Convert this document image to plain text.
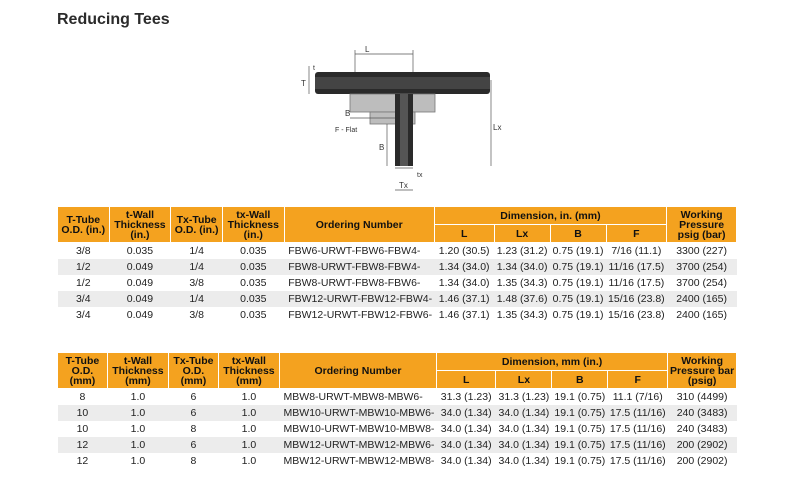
Reducing Tees
L
t
T
B
F - Flat
B
Lx
tx
Tx
T-Tube O.D. (in.)	t-Wall Thickness (in.)	Tx-Tube O.D. (in.)	tx-Wall Thickness (in.)	Ordering Number	Dimension, in. (mm)				Working Pressure psig (bar)
					L	Lx	B	F	
3/8	0.035	1/4	0.035	FBW6-URWT-FBW6-FBW4-	1.20 (30.5)	1.23 (31.2)	0.75 (19.1)	7/16 (11.1)	3300 (227)
1/2	0.049	1/4	0.035	FBW8-URWT-FBW8-FBW4-	1.34 (34.0)	1.34 (34.0)	0.75 (19.1)	11/16 (17.5)	3700 (254)
1/2	0.049	3/8	0.035	FBW8-URWT-FBW8-FBW6-	1.34 (34.0)	1.35 (34.3)	0.75 (19.1)	11/16 (17.5)	3700 (254)
3/4	0.049	1/4	0.035	FBW12-URWT-FBW12-FBW4-	1.46 (37.1)	1.48 (37.6)	0.75 (19.1)	15/16 (23.8)	2400 (165)
3/4	0.049	3/8	0.035	FBW12-URWT-FBW12-FBW6-	1.46 (37.1)	1.35 (34.3)	0.75 (19.1)	15/16 (23.8)	2400 (165)
T-Tube O.D. (mm)	t-Wall Thickness (mm)	Tx-Tube O.D. (mm)	tx-Wall Thickness (mm)	Ordering Number	Dimension, mm (in.)				Working Pressure bar (psig)
					L	Lx	B	F	
8	1.0	6	1.0	MBW8-URWT-MBW8-MBW6-	31.3 (1.23)	31.3 (1.23)	19.1 (0.75)	11.1 (7/16)	310 (4499)
10	1.0	6	1.0	MBW10-URWT-MBW10-MBW6-	34.0 (1.34)	34.0 (1.34)	19.1 (0.75)	17.5 (11/16)	240 (3483)
10	1.0	8	1.0	MBW10-URWT-MBW10-MBW8-	34.0 (1.34)	34.0 (1.34)	19.1 (0.75)	17.5 (11/16)	240 (3483)
12	1.0	6	1.0	MBW12-URWT-MBW12-MBW6-	34.0 (1.34)	34.0 (1.34)	19.1 (0.75)	17.5 (11/16)	200 (2902)
12	1.0	8	1.0	MBW12-URWT-MBW12-MBW8-	34.0 (1.34)	34.0 (1.34)	19.1 (0.75)	17.5 (11/16)	200 (2902)
